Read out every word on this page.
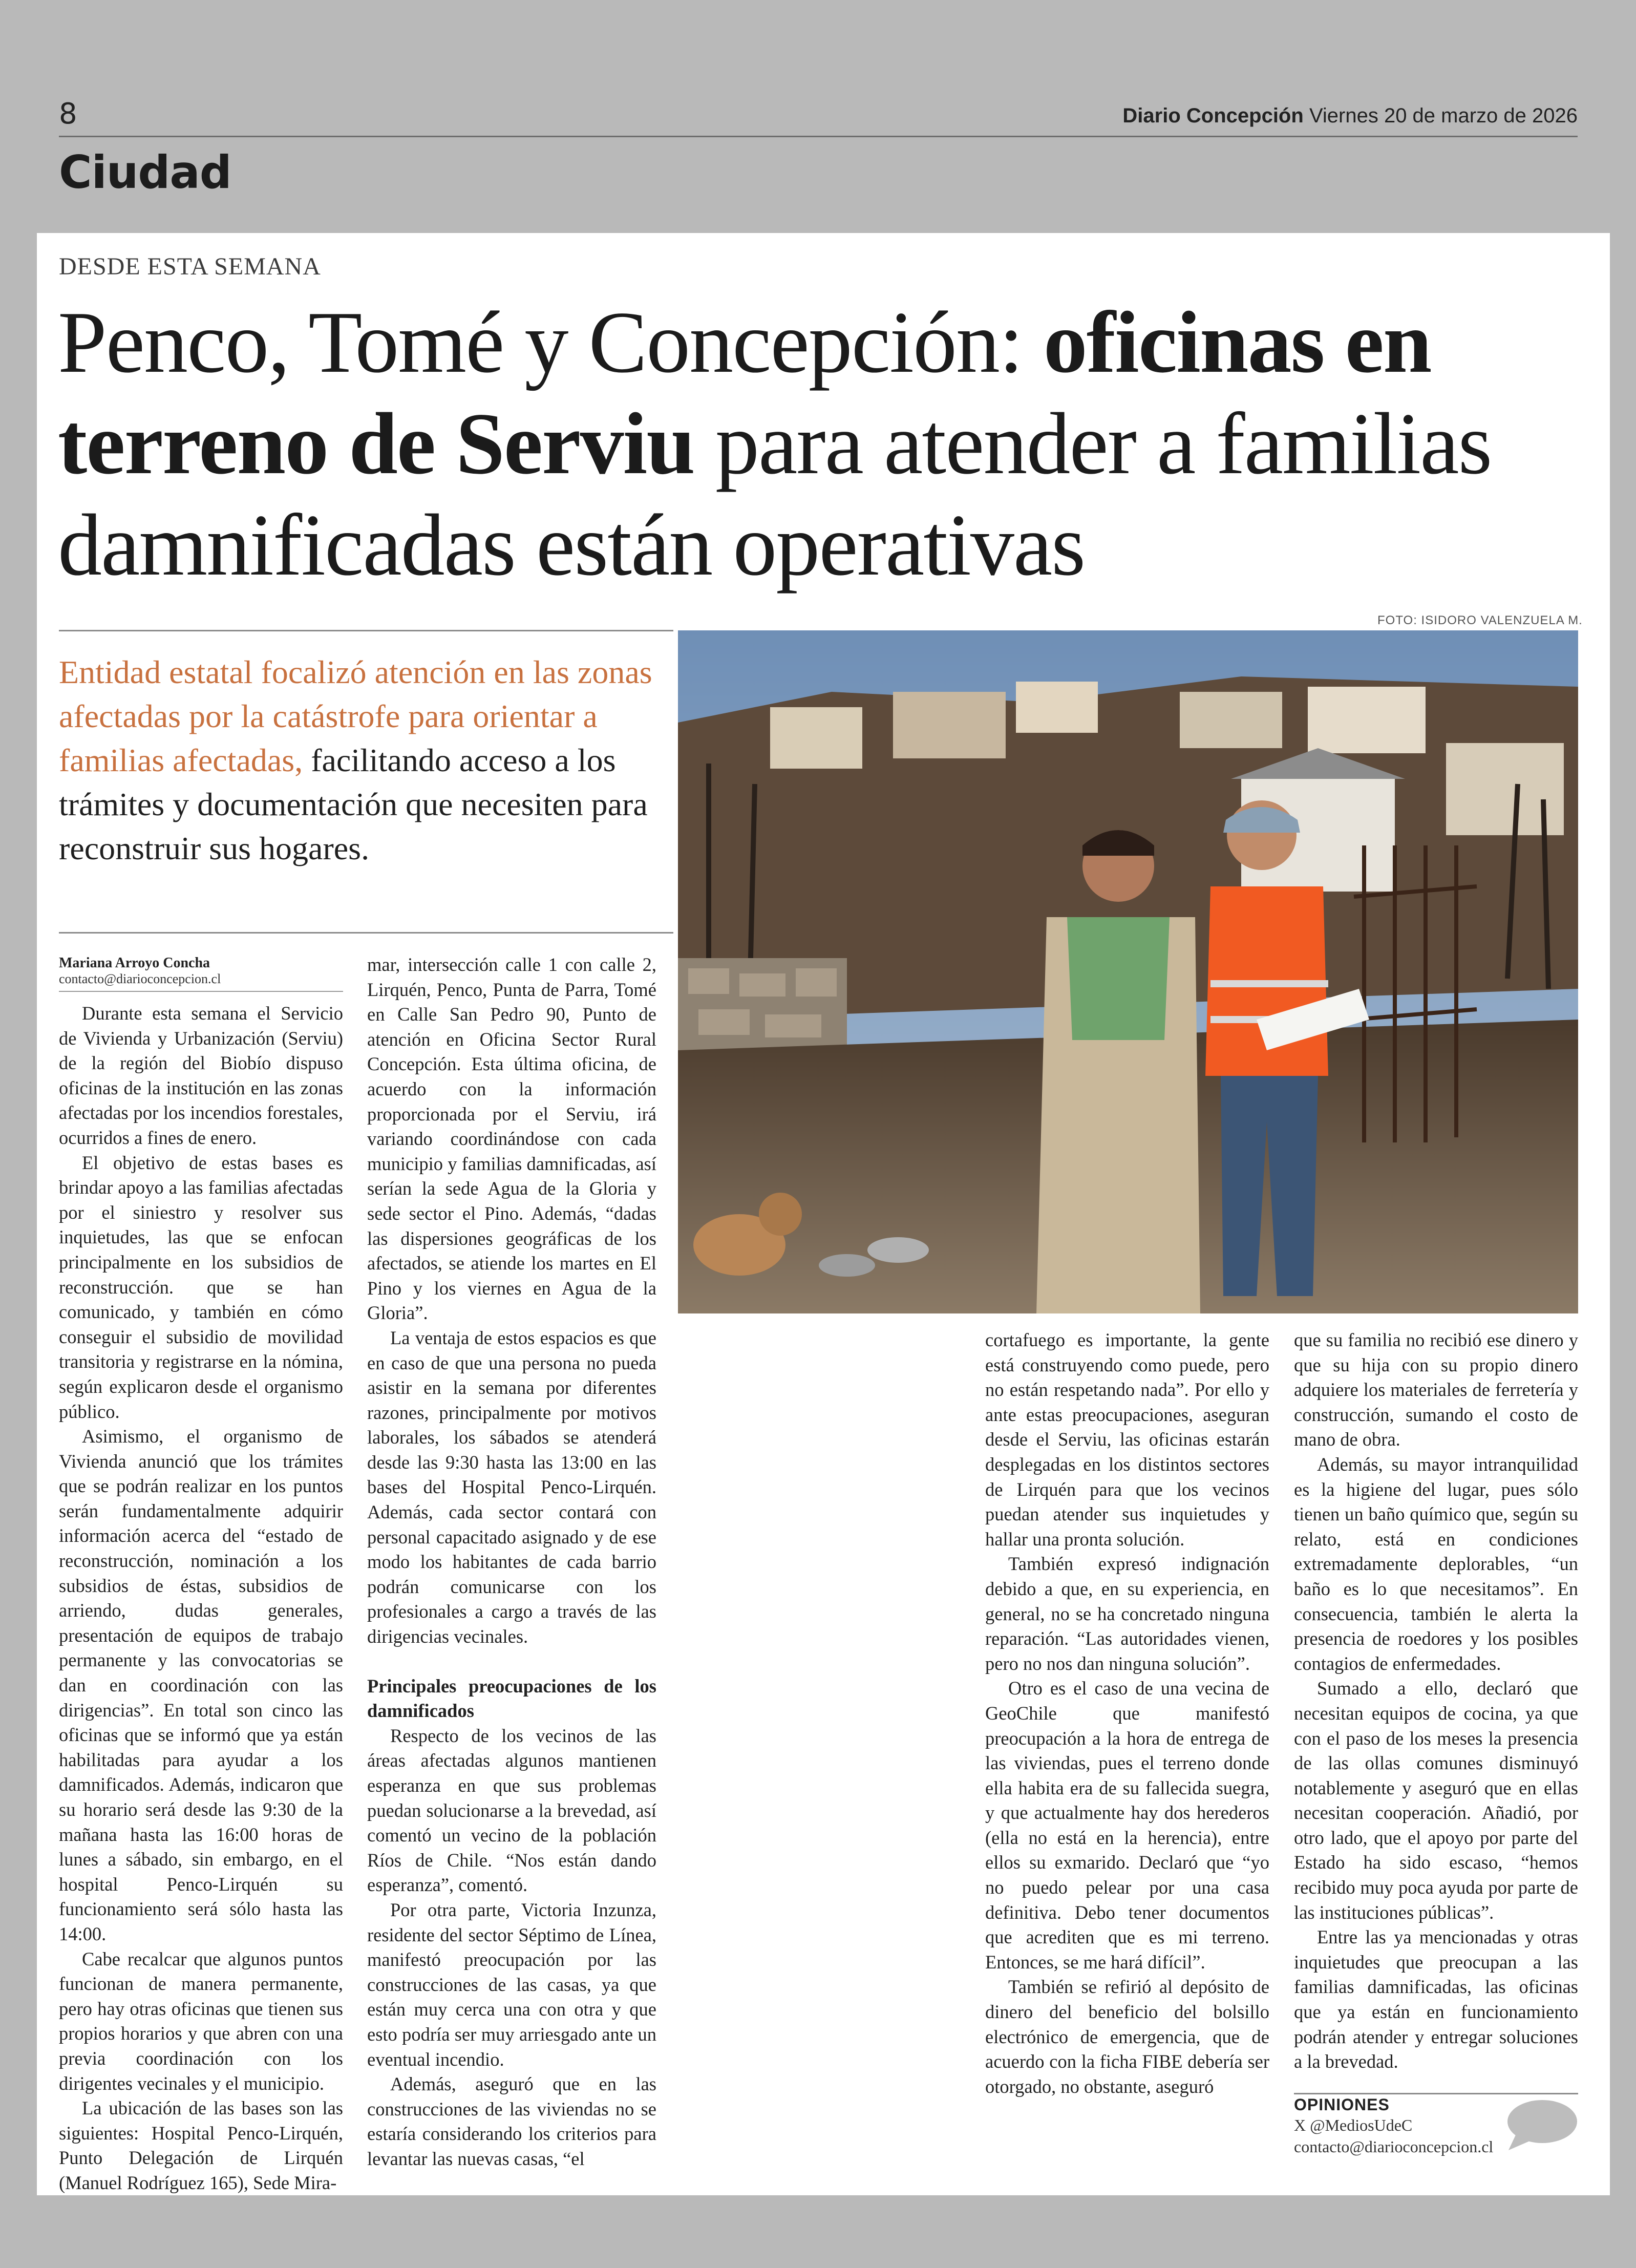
8	Diario Concepción Viernes 20 de marzo de 2026
Ciudad
DESDE ESTA SEMANA
Penco, Tomé y Concepción: oficinas en terreno de Serviu para atender a familias damnificadas están operativas
Entidad estatal focalizó atención en las zonas afectadas por la catástrofe para orientar a familias afectadas, facilitando acceso a los trámites y documentación que necesiten para reconstruir sus hogares.
FOTO: ISIDORO VALENZUELA M.
Mariana Arroyo Concha
contacto@diarioconcepcion.cl

Durante esta semana el Servicio de Vivienda y Urbanización (Serviu) de la región del Biobío dispuso oficinas de la institución en las zonas afectadas por los incendios forestales, ocurridos a fines de enero.

El objetivo de estas bases es brindar apoyo a las familias afectadas por el siniestro y resolver sus inquietudes, las que se enfocan principalmente en los subsidios de reconstrucción. que se han comunicado, y también en cómo conseguir el subsidio de movilidad transitoria y registrarse en la nómina, según explicaron desde el organismo público.

Asimismo, el organismo de Vivienda anunció que los trámites que se podrán realizar en los puntos serán fundamentalmente adquirir información acerca del “estado de reconstrucción, nominación a los subsidios de éstas, subsidios de arriendo, dudas generales, presentación de equipos de trabajo permanente y las convocatorias se dan en coordinación con las dirigencias”. En total son cinco las oficinas que se informó que ya están habilitadas para ayudar a los damnificados. Además, indicaron que su horario será desde las 9:30 de la mañana hasta las 16:00 horas de lunes a sábado, sin embargo, en el hospital Penco-Lirquén su funcionamiento será sólo hasta las 14:00.

Cabe recalcar que algunos puntos funcionan de manera permanente, pero hay otras oficinas que tienen sus propios horarios y que abren con una previa coordinación con los dirigentes vecinales y el municipio.

La ubicación de las bases son las siguientes: Hospital Penco-Lirquén, Punto Delegación de Lirquén (Manuel Rodríguez 165), Sede Mira-

mar, intersección calle 1 con calle 2, Lirquén, Penco, Punta de Parra, Tomé en Calle San Pedro 90, Punto de atención en Oficina Sector Rural Concepción. Esta última oficina, de acuerdo con la información proporcionada por el Serviu, irá variando coordinándose con cada municipio y familias damnificadas, así serían la sede Agua de la Gloria y sede sector el Pino. Además, “dadas las dispersiones geográficas de los afectados, se atiende los martes en El Pino y los viernes en Agua de la Gloria”.

La ventaja de estos espacios es que en caso de que una persona no pueda asistir en la semana por diferentes razones, principalmente por motivos laborales, los sábados se atenderá desde las 9:30 hasta las 13:00 en las bases del Hospital Penco-Lirquén. Además, cada sector contará con personal capacitado asignado y de ese modo los habitantes de cada barrio podrán comunicarse con los profesionales a cargo a través de las dirigencias vecinales.

Principales preocupaciones de los damnificados

Respecto de los vecinos de las áreas afectadas algunos mantienen esperanza en que sus problemas puedan solucionarse a la brevedad, así comentó un vecino de la población Ríos de Chile. “Nos están dando esperanza”, comentó.

Por otra parte, Victoria Inzunza, residente del sector Séptimo de Línea, manifestó preocupación por las construcciones de las casas, ya que están muy cerca una con otra y que esto podría ser muy arriesgado ante un eventual incendio.

Además, aseguró que en las construcciones de las viviendas no se estaría considerando los criterios para levantar las nuevas casas, “el

cortafuego es importante, la gente está construyendo como puede, pero no están respetando nada”. Por ello y ante estas preocupaciones, aseguran desde el Serviu, las oficinas estarán desplegadas en los distintos sectores de Lirquén para que los vecinos puedan atender sus inquietudes y hallar una pronta solución.

También expresó indignación debido a que, en su experiencia, en general, no se ha concretado ninguna reparación. “Las autoridades vienen, pero no nos dan ninguna solución”.

Otro es el caso de una vecina de GeoChile que manifestó preocupación a la hora de entrega de las viviendas, pues el terreno donde ella habita era de su fallecida suegra, y que actualmente hay dos herederos (ella no está en la herencia), entre ellos su exmarido. Declaró que “yo no puedo pelear por una casa definitiva. Debo tener documentos que acrediten que es mi terreno. Entonces, se me hará difícil”.

También se refirió al depósito de dinero del beneficio del bolsillo electrónico de emergencia, que de acuerdo con la ficha FIBE debería ser otorgado, no obstante, aseguró

que su familia no recibió ese dinero y que su hija con su propio dinero adquiere los materiales de ferretería y construcción, sumando el costo de mano de obra.

Además, su mayor intranquilidad es la higiene del lugar, pues sólo tienen un baño químico que, según su relato, está en condiciones extremadamente deplorables, “un baño es lo que necesitamos”. En consecuencia, también le alerta la presencia de roedores y los posibles contagios de enfermedades.

Sumado a ello, declaró que necesitan equipos de cocina, ya que con el paso de los meses la presencia de las ollas comunes disminuyó notablemente y aseguró que en ellas necesitan cooperación. Añadió, por otro lado, que el apoyo por parte del Estado ha sido escaso, “hemos recibido muy poca ayuda por parte de las instituciones públicas”.

Entre las ya mencionadas y otras inquietudes que preocupan a las familias damnificadas, las oficinas que ya están en funcionamiento podrán atender y entregar soluciones a la brevedad.

OPINIONES
X @MediosUdeC
contacto@diarioconcepcion.cl
